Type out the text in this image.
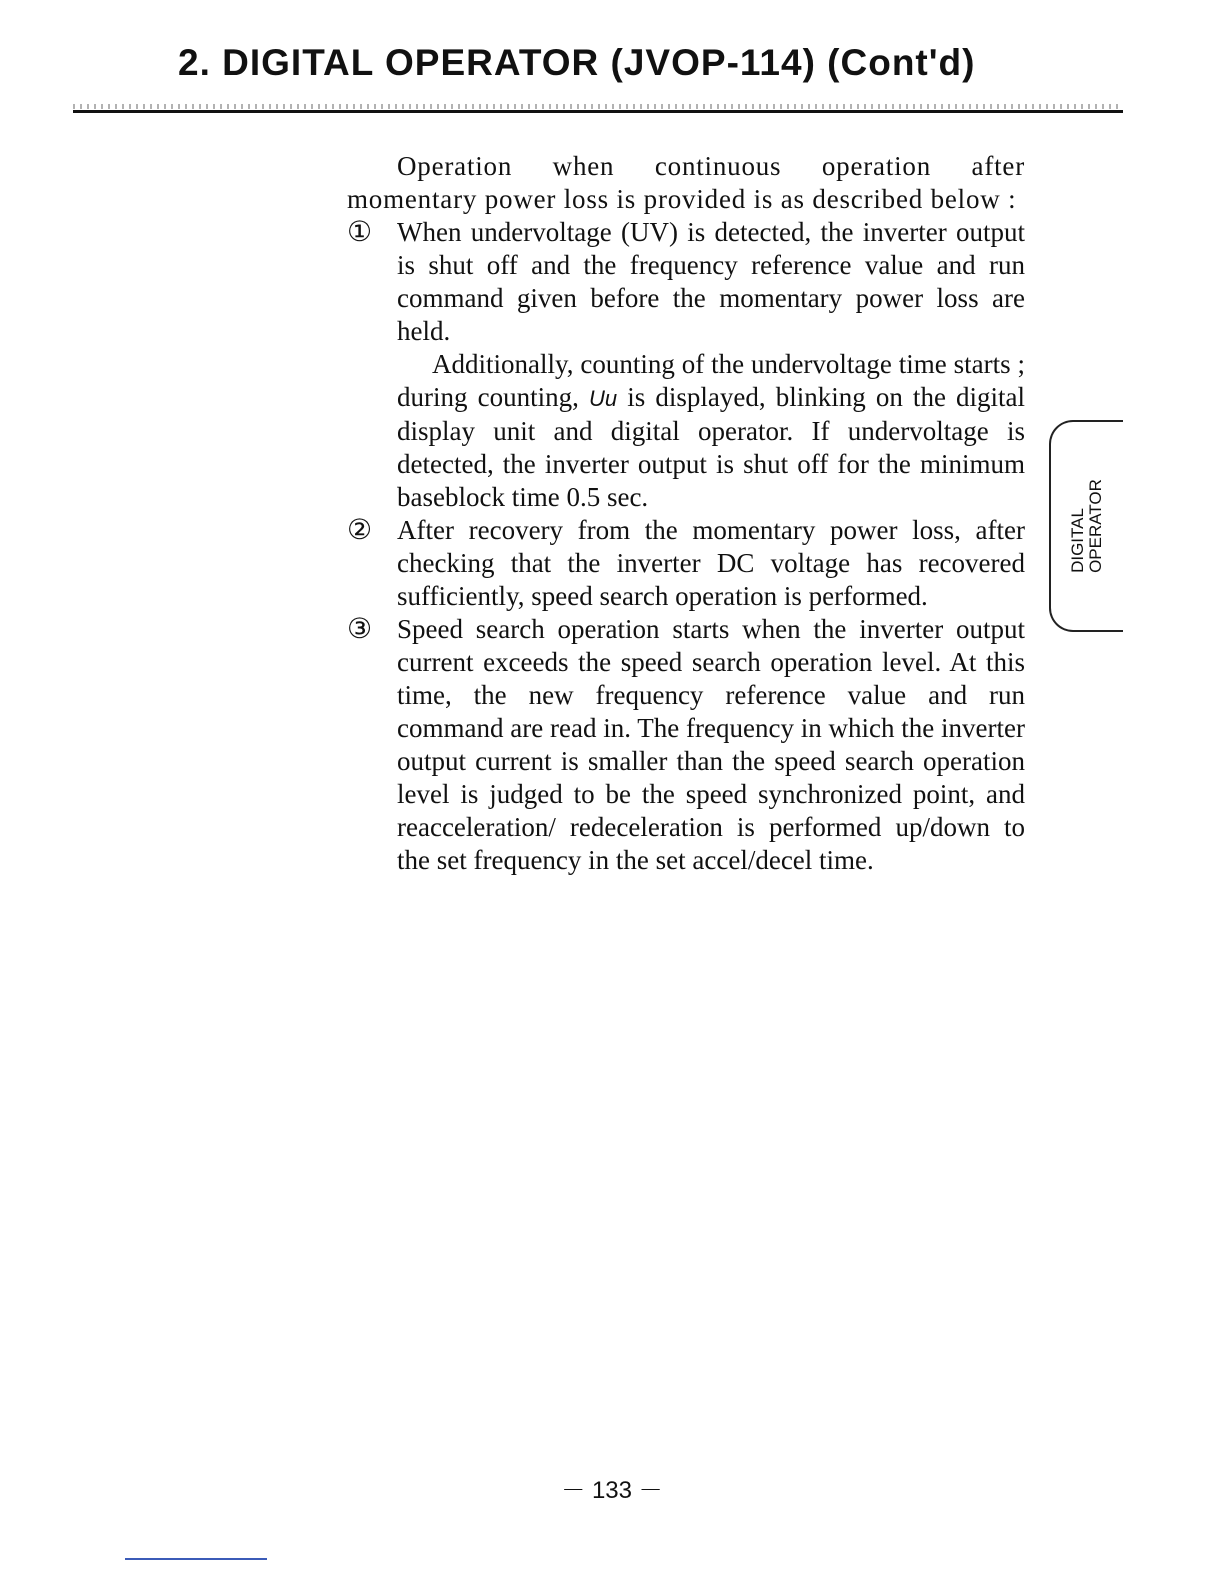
2. DIGITAL OPERATOR (JVOP-114) (Cont'd)

Operation when continuous operation after momentary power loss is provided is as described below :

① When undervoltage (UV) is detected, the inverter output is shut off and the frequency reference value and run command given before the momentary power loss are held.

Additionally, counting of the undervoltage time starts ; during counting, Uu is displayed, blinking on the digital display unit and digital operator. If undervoltage is detected, the inverter output is shut off for the minimum baseblock time 0.5 sec.

② After recovery from the momentary power loss, after checking that the inverter DC voltage has recovered sufficiently, speed search operation is performed.

③ Speed search operation starts when the inverter output current exceeds the speed search operation level. At this time, the new frequency reference value and run command are read in. The frequency in which the inverter output current is smaller than the speed search operation level is judged to be the speed synchronized point, and reacceleration/ redeceleration is performed up/down to the set frequency in the set accel/decel time.

DIGITAL OPERATOR
－ 133 －
